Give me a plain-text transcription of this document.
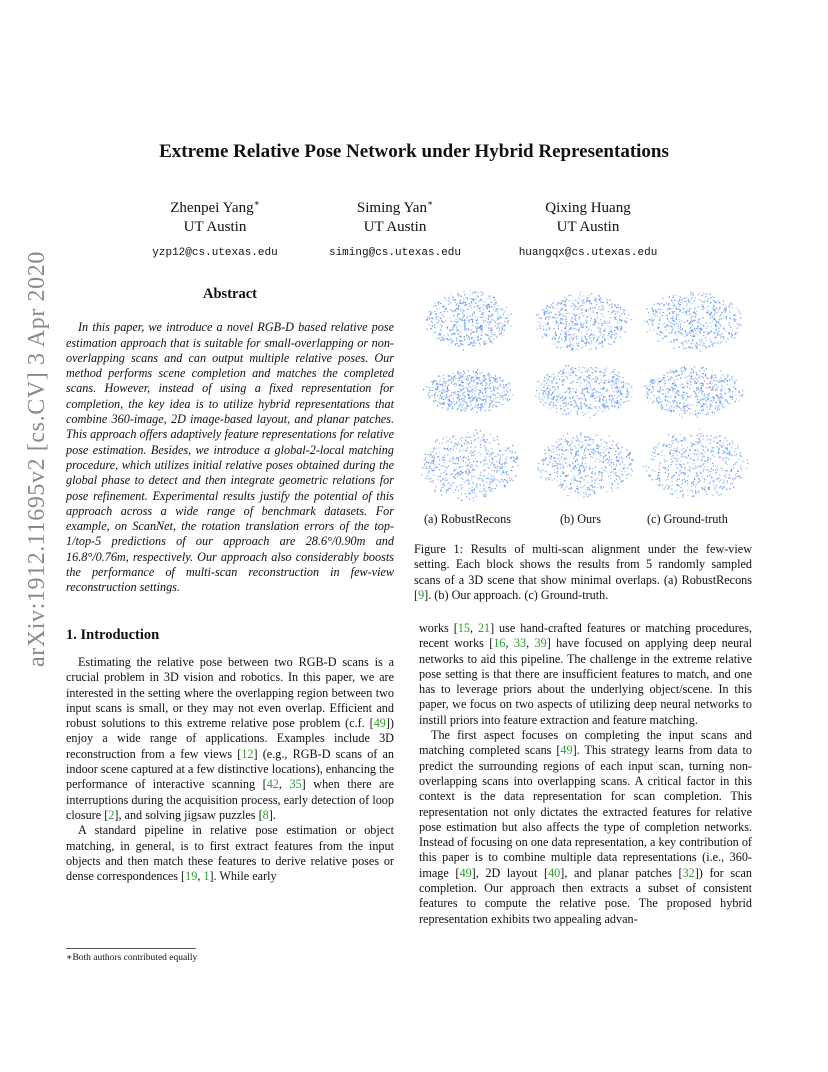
arXiv:1912.11695v2 [cs.CV] 3 Apr 2020
Extreme Relative Pose Network under Hybrid Representations
Zhenpei Yang∗
UT Austin
yzp12@cs.utexas.edu
Siming Yan∗
UT Austin
siming@cs.utexas.edu
Qixing Huang
UT Austin
huangqx@cs.utexas.edu

Abstract

In this paper, we introduce a novel RGB-D based relative pose estimation approach that is suitable for small-overlapping or non-overlapping scans and can output multiple relative poses. Our method performs scene completion and matches the completed scans. However, instead of using a fixed representation for completion, the key idea is to utilize hybrid representations that combine 360-image, 2D image-based layout, and planar patches. This approach offers adaptively feature representations for relative pose estimation. Besides, we introduce a global-2-local matching procedure, which utilizes initial relative poses obtained during the global phase to detect and then integrate geometric relations for pose refinement. Experimental results justify the potential of this approach across a wide range of benchmark datasets. For example, on ScanNet, the rotation translation errors of the top-1/top-5 predictions of our approach are 28.6°/0.90m and 16.8°/0.76m, respectively. Our approach also considerably boosts the performance of multi-scan reconstruction in few-view reconstruction settings.

1. Introduction

Estimating the relative pose between two RGB-D scans is a crucial problem in 3D vision and robotics. In this paper, we are interested in the setting where the overlapping region between two input scans is small, or they may not even overlap. Efficient and robust solutions to this extreme relative pose problem (c.f. [49]) enjoy a wide range of applications. Examples include 3D reconstruction from a few views [12] (e.g., RGB-D scans of an indoor scene captured at a few distinctive locations), enhancing the performance of interactive scanning [42, 35] when there are interruptions during the acquisition process, early detection of loop closure [2], and solving jigsaw puzzles [8].

A standard pipeline in relative pose estimation or object matching, in general, is to first extract features from the input objects and then match these features to derive relative poses or dense correspondences [19, 1]. While early

∗Both authors contributed equally
(a) RobustRecons	(b) Ours	(c) Ground-truth
Figure 1: Results of multi-scan alignment under the few-view setting. Each block shows the results from 5 randomly sampled scans of a 3D scene that show minimal overlaps. (a) RobustRecons [9]. (b) Our approach. (c) Ground-truth.

works [15, 21] use hand-crafted features or matching procedures, recent works [16, 33, 39] have focused on applying deep neural networks to aid this pipeline. The challenge in the extreme relative pose setting is that there are insufficient features to match, and one has to leverage priors about the underlying object/scene. In this paper, we focus on two aspects of utilizing deep neural networks to instill priors into feature extraction and feature matching.

The first aspect focuses on completing the input scans and matching completed scans [49]. This strategy learns from data to predict the surrounding regions of each input scan, turning non-overlapping scans into overlapping scans. A critical factor in this context is the data representation for scan completion. This representation not only dictates the extracted features for relative pose estimation but also affects the type of completion networks. Instead of focusing on one data representation, a key contribution of this paper is to combine multiple data representations (i.e., 360-image [49], 2D layout [40], and planar patches [32]) for scan completion. Our approach then extracts a subset of consistent features to compute the relative pose. The proposed hybrid representation exhibits two appealing advan-
